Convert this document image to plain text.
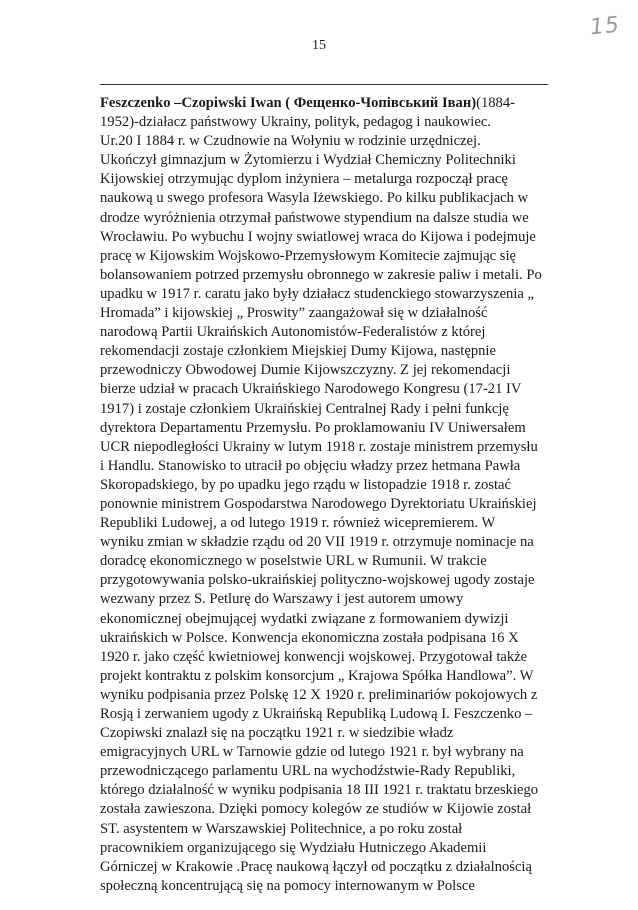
15
15
Feszczenko –Czopiwski Iwan ( Фещенко-Чопівський Іван)(1884-
1952)-działacz państwowy Ukrainy, polityk, pedagog i naukowiec.
Ur.20 I 1884 r. w Czudnowie na Wołyniu w rodzinie urzędniczej.
Ukończył gimnazjum w Żytomierzu i Wydział Chemiczny Politechniki
Kijowskiej otrzymując dyplom inżyniera – metalurga rozpoczął pracę
naukową u swego profesora Wasyla Iżewskiego. Po kilku publikacjach w
drodze wyróżnienia otrzymał państwowe stypendium na dalsze studia we
Wrocławiu. Po wybuchu I wojny swiatlowej wraca do Kijowa i podejmuje
pracę w Kijowskim Wojskowo-Przemysłowym Komitecie zajmując się
bolansowaniem potrzed przemysłu obronnego w zakresie paliw i metali. Po
upadku w 1917 r. caratu jako były działacz studenckiego stowarzyszenia „
Hromada” i kijowskiej „ Proswity” zaangażował się w działalność
narodową Partii Ukraińskich Autonomistów-Federalistów z której
rekomendacji zostaje członkiem Miejskiej Dumy Kijowa, następnie
przewodniczy Obwodowej Dumie Kijowszczyzny. Z jej rekomendacji
bierze udział w pracach Ukraińskiego Narodowego Kongresu (17-21 IV
1917) i zostaje członkiem Ukraińskiej Centralnej Rady i pełni funkcję
dyrektora Departamentu Przemysłu. Po proklamowaniu IV Uniwersałem
UCR niepodległości Ukrainy w lutym 1918 r. zostaje ministrem przemysłu
i Handlu. Stanowisko to utracił po objęciu władzy przez hetmana Pawła
Skoropadskiego, by po upadku jego rządu w listopadzie 1918 r. zostać
ponownie ministrem Gospodarstwa Narodowego Dyrektoriatu Ukraińskiej
Republiki Ludowej, a od lutego 1919 r. również wicepremierem. W
wyniku zmian w składzie rządu od 20 VII 1919 r. otrzymuje nominacje na
doradcę ekonomicznego w poselstwie URL w Rumunii. W trakcie
przygotowywania polsko-ukraińskiej polityczno-wojskowej ugody zostaje
wezwany przez S. Petlurę do Warszawy i jest autorem umowy
ekonomicznej obejmującej wydatki związane z formowaniem dywizji
ukraińskich w Polsce. Konwencja ekonomiczna została podpisana 16 X
1920 r. jako część kwietniowej konwencji wojskowej. Przygotował także
projekt kontraktu z polskim konsorcjum „ Krajowa Spółka Handlowa”. W
wyniku podpisania przez Polskę 12 X 1920 r. preliminariów pokojowych z
Rosją i zerwaniem ugody z Ukraińską Republiką Ludową I. Feszczenko –
Czopiwski znalazł się na początku 1921 r. w siedzibie władz
emigracyjnych URL w Tarnowie gdzie od lutego 1921 r. był wybrany na
przewodniczącego parlamentu URL na wychodźstwie-Rady Republiki,
którego działalność w wyniku podpisania 18 III 1921 r. traktatu brzeskiego
została zawieszona. Dzięki pomocy kolegów ze studiów w Kijowie został
ST. asystentem w Warszawskiej Politechnice, a po roku został
pracownikiem organizującego się Wydziału Hutniczego Akademii
Górniczej w Krakowie .Pracę naukową łączył od początku z działalnością
społeczną koncentrującą się na pomocy internowanym w Polsce
